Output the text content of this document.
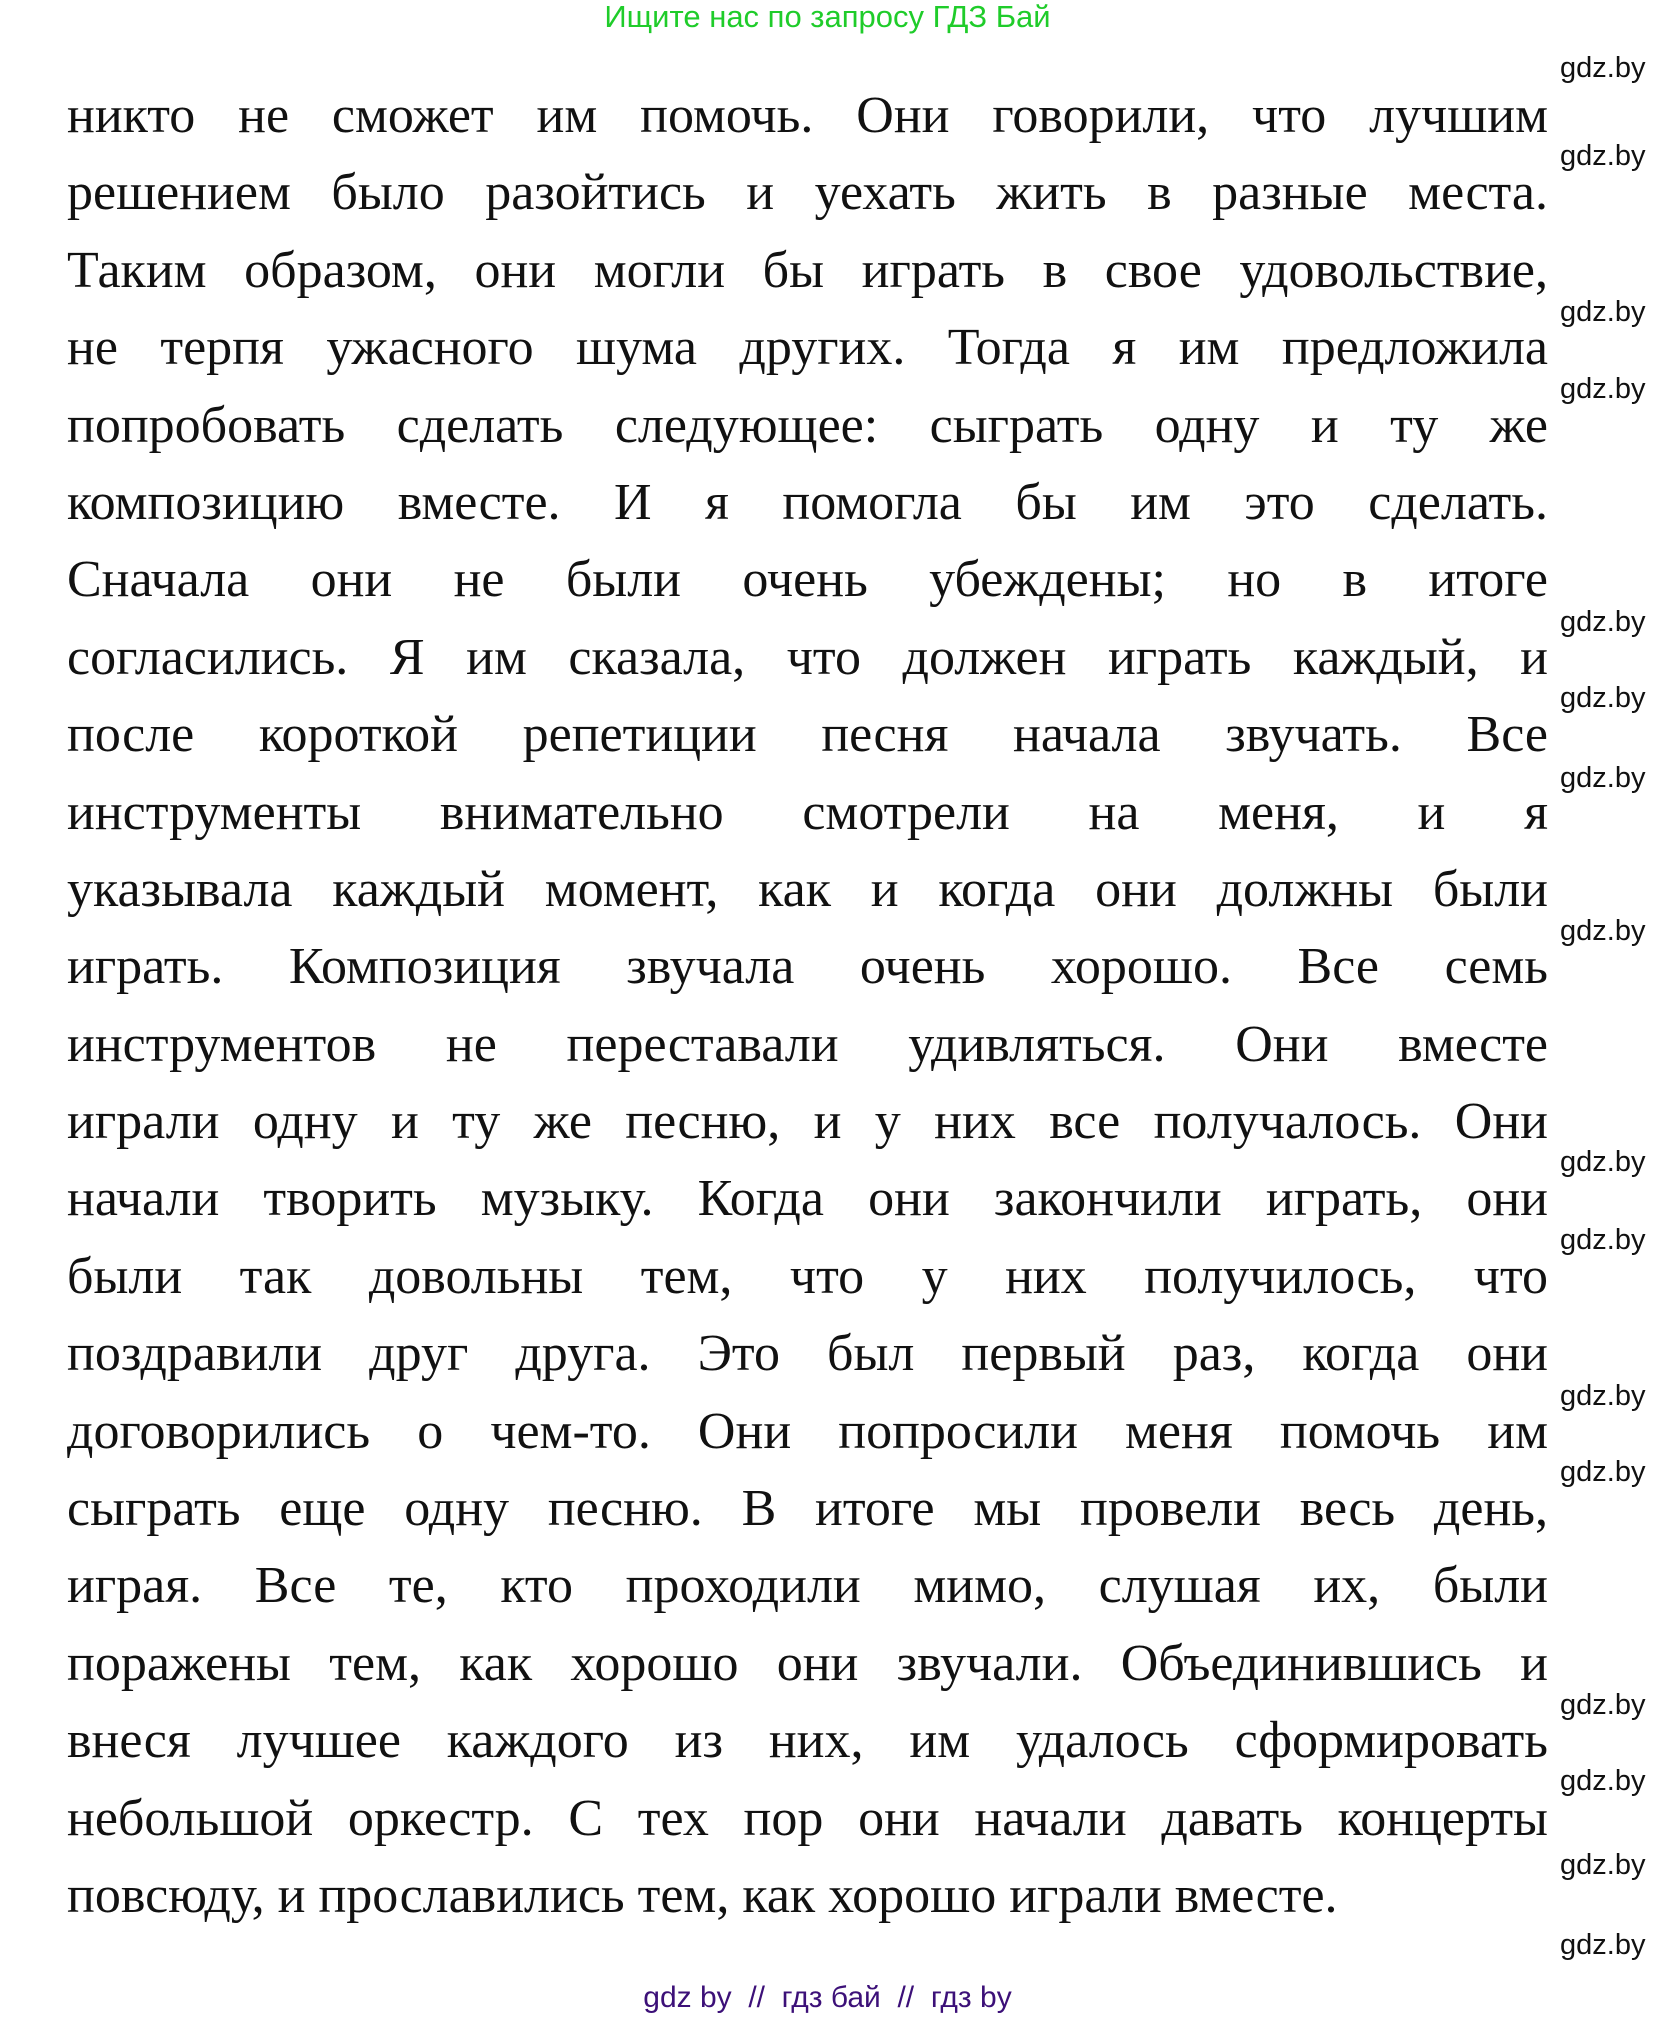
Ищите нас по запросу ГДЗ Бай
никто не сможет им помочь. Они говорили, что лучшим
решением было разойтись и уехать жить в разные места.
Таким образом, они могли бы играть в свое удовольствие,
не терпя ужасного шума других. Тогда я им предложила
попробовать сделать следующее: сыграть одну и ту же
композицию вместе. И я помогла бы им это сделать.
Сначала они не были очень убеждены; но в итоге
согласились. Я им сказала, что должен играть каждый, и
после короткой репетиции песня начала звучать. Все
инструменты внимательно смотрели на меня, и я
указывала каждый момент, как и когда они должны были
играть. Композиция звучала очень хорошо. Все семь
инструментов не переставали удивляться. Они вместе
играли одну и ту же песню, и у них все получалось. Они
начали творить музыку. Когда они закончили играть, они
были так довольны тем, что у них получилось, что
поздравили друг друга. Это был первый раз, когда они
договорились о чем-то. Они попросили меня помочь им
сыграть еще одну песню. В итоге мы провели весь день,
играя. Все те, кто проходили мимо, слушая их, были
поражены тем, как хорошо они звучали. Объединившись и
внеся лучшее каждого из них, им удалось сформировать
небольшой оркестр. С тех пор они начали давать концерты
повсюду, и прославились тем, как хорошо играли вместе.
gdz.by
gdz.by
gdz.by
gdz.by
gdz.by
gdz.by
gdz.by
gdz.by
gdz.by
gdz.by
gdz.by
gdz.by
gdz.by
gdz.by
gdz.by
gdz.by
gdz by  //  гдз бай  //  гдз by
